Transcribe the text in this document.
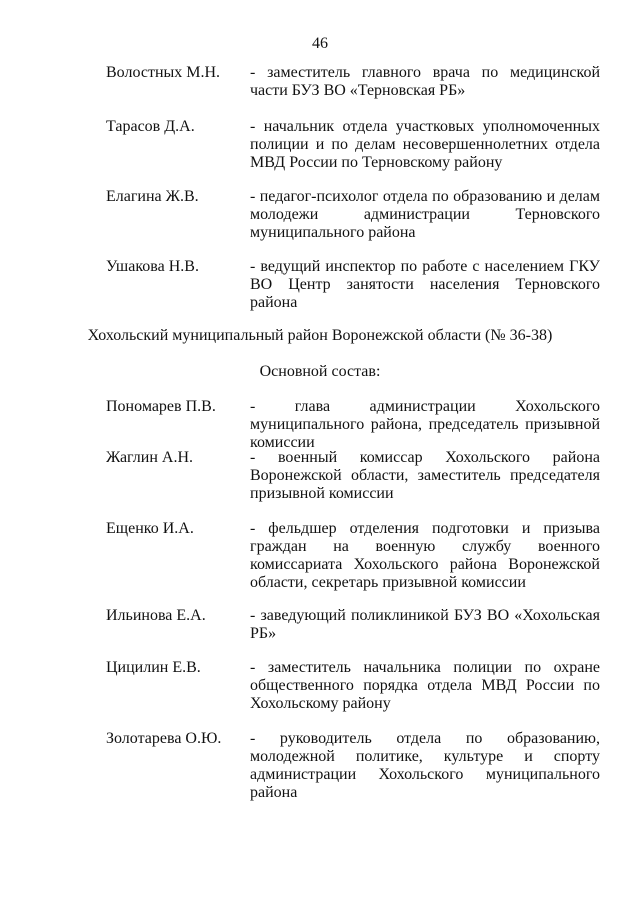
46
Волостных М.Н. - заместитель главного врача по медицинской части БУЗ ВО «Терновская РБ»
Тарасов Д.А.	- начальник отдела участковых уполномоченных полиции и по делам несовершеннолетних отдела МВД России по Терновскому району
Елагина Ж.В.	- педагог-психолог отдела по образованию и делам молодежи администрации Терновского муниципального района
Ушакова Н.В.	- ведущий инспектор по работе с населением ГКУ ВО Центр занятости населения Терновского района
Хохольский муниципальный район Воронежской области (№ 36-38)
Основной состав:
Пономарев П.В. - глава администрации Хохольского муниципального района, председатель призывной комиссии
Жаглин А.Н.	- военный комиссар Хохольского района Воронежской области, заместитель председателя призывной комиссии
Ещенко И.А.	- фельдшер отделения подготовки и призыва граждан на военную службу военного комиссариата Хохольского района Воронежской области, секретарь призывной комиссии
Ильинова Е.А.	- заведующий поликлиникой БУЗ ВО «Хохольская РБ»
Цицилин Е.В.	- заместитель начальника полиции по охране общественного порядка отдела МВД России по Хохольскому району
Золотарева О.Ю. - руководитель отдела по образованию, молодежной политике, культуре и спорту администрации Хохольского муниципального района
